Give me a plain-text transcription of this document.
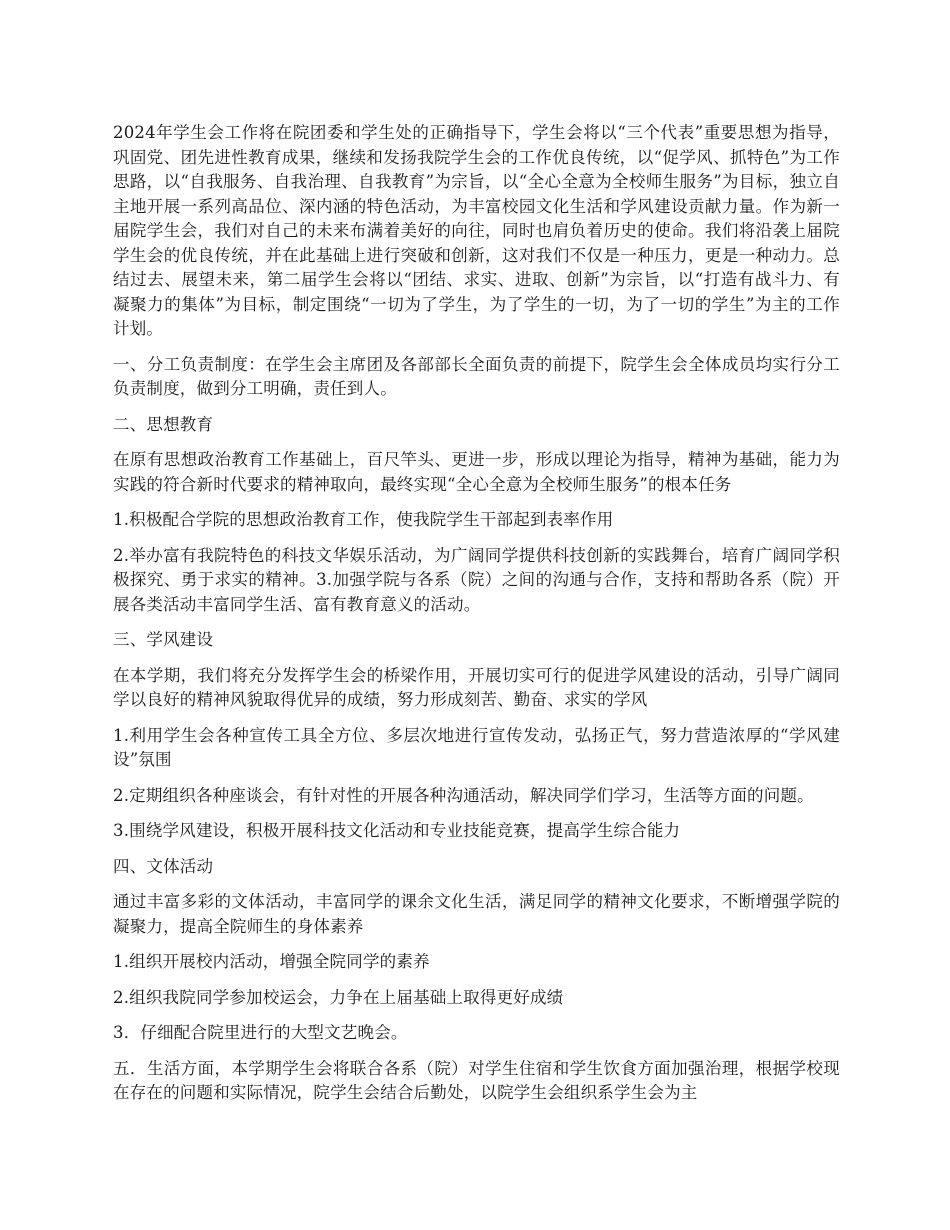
2024年学生会工作将在院团委和学生处的正确指导下，学生会将以“三个代表”重要思想为指导，巩固党、团先进性教育成果，继续和发扬我院学生会的工作优良传统，以“促学风、抓特色”为工作思路，以“自我服务、自我治理、自我教育”为宗旨，以“全心全意为全校师生服务”为目标，独立自主地开展一系列高品位、深内涵的特色活动，为丰富校园文化生活和学风建设贡献力量。作为新一届院学生会，我们对自己的未来布满着美好的向往，同时也肩负着历史的使命。我们将沿袭上届院学生会的优良传统，并在此基础上进行突破和创新，这对我们不仅是一种压力，更是一种动力。总结过去、展望未来，第二届学生会将以“团结、求实、进取、创新”为宗旨，以“打造有战斗力、有凝聚力的集体”为目标，制定围绕“一切为了学生，为了学生的一切，为了一切的学生”为主的工作计划。

一、分工负责制度：在学生会主席团及各部部长全面负责的前提下，院学生会全体成员均实行分工负责制度，做到分工明确，责任到人。

二、思想教育

在原有思想政治教育工作基础上，百尺竿头、更进一步，形成以理论为指导，精神为基础，能力为实践的符合新时代要求的精神取向，最终实现“全心全意为全校师生服务”的根本任务

1.积极配合学院的思想政治教育工作，使我院学生干部起到表率作用

2.举办富有我院特色的科技文华娱乐活动，为广阔同学提供科技创新的实践舞台，培育广阔同学积极探究、勇于求实的精神。3.加强学院与各系（院）之间的沟通与合作，支持和帮助各系（院）开展各类活动丰富同学生活、富有教育意义的活动。

三、学风建设

在本学期，我们将充分发挥学生会的桥梁作用，开展切实可行的促进学风建设的活动，引导广阔同学以良好的精神风貌取得优异的成绩，努力形成刻苦、勤奋、求实的学风

1.利用学生会各种宣传工具全方位、多层次地进行宣传发动，弘扬正气，努力营造浓厚的“学风建设”氛围

2.定期组织各种座谈会，有针对性的开展各种沟通活动，解决同学们学习，生活等方面的问题。

3.围绕学风建设，积极开展科技文化活动和专业技能竞赛，提高学生综合能力

四、文体活动

通过丰富多彩的文体活动，丰富同学的课余文化生活，满足同学的精神文化要求，不断增强学院的凝聚力，提高全院师生的身体素养

1.组织开展校内活动，增强全院同学的素养

2.组织我院同学参加校运会，力争在上届基础上取得更好成绩

3．仔细配合院里进行的大型文艺晚会。

五．生活方面，本学期学生会将联合各系（院）对学生住宿和学生饮食方面加强治理，根据学校现在存在的问题和实际情况，院学生会结合后勤处，以院学生会组织系学生会为主
